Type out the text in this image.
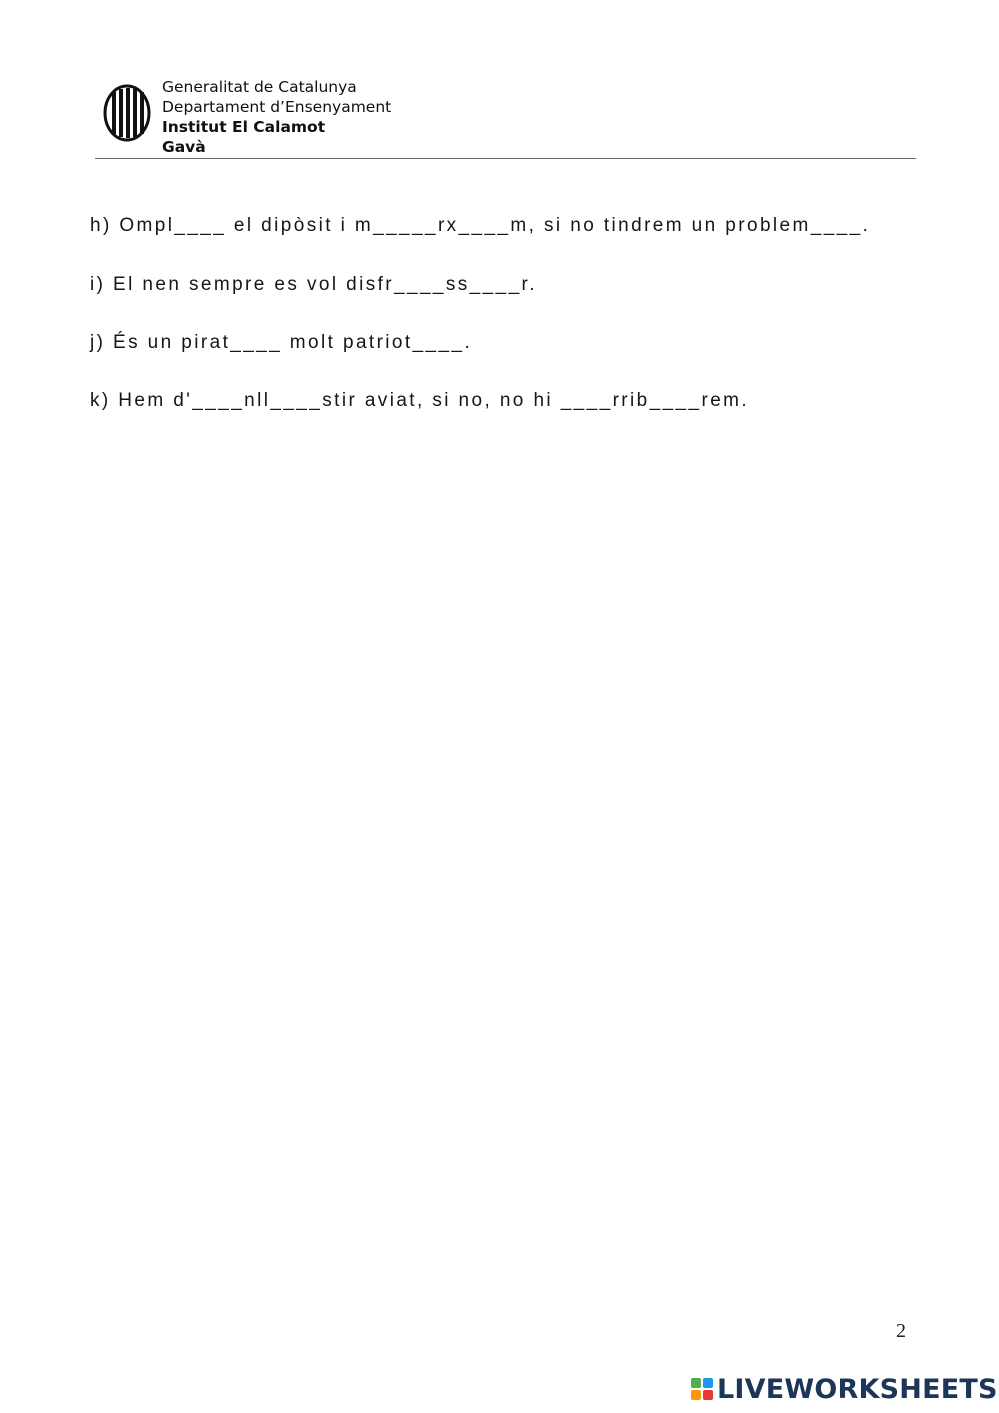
Generalitat de Catalunya
Departament d’Ensenyament
Institut El Calamot
Gavà
h) Ompl____ el dipòsit i m_____rx____m, si no tindrem un problem____.
i) El nen sempre es vol disfr____ss____r.
j) És un pirat____ molt patriot____.
k) Hem d'____nll____stir aviat, si no, no hi ____rrib____rem.
2
LIVEWORKSHEETS
